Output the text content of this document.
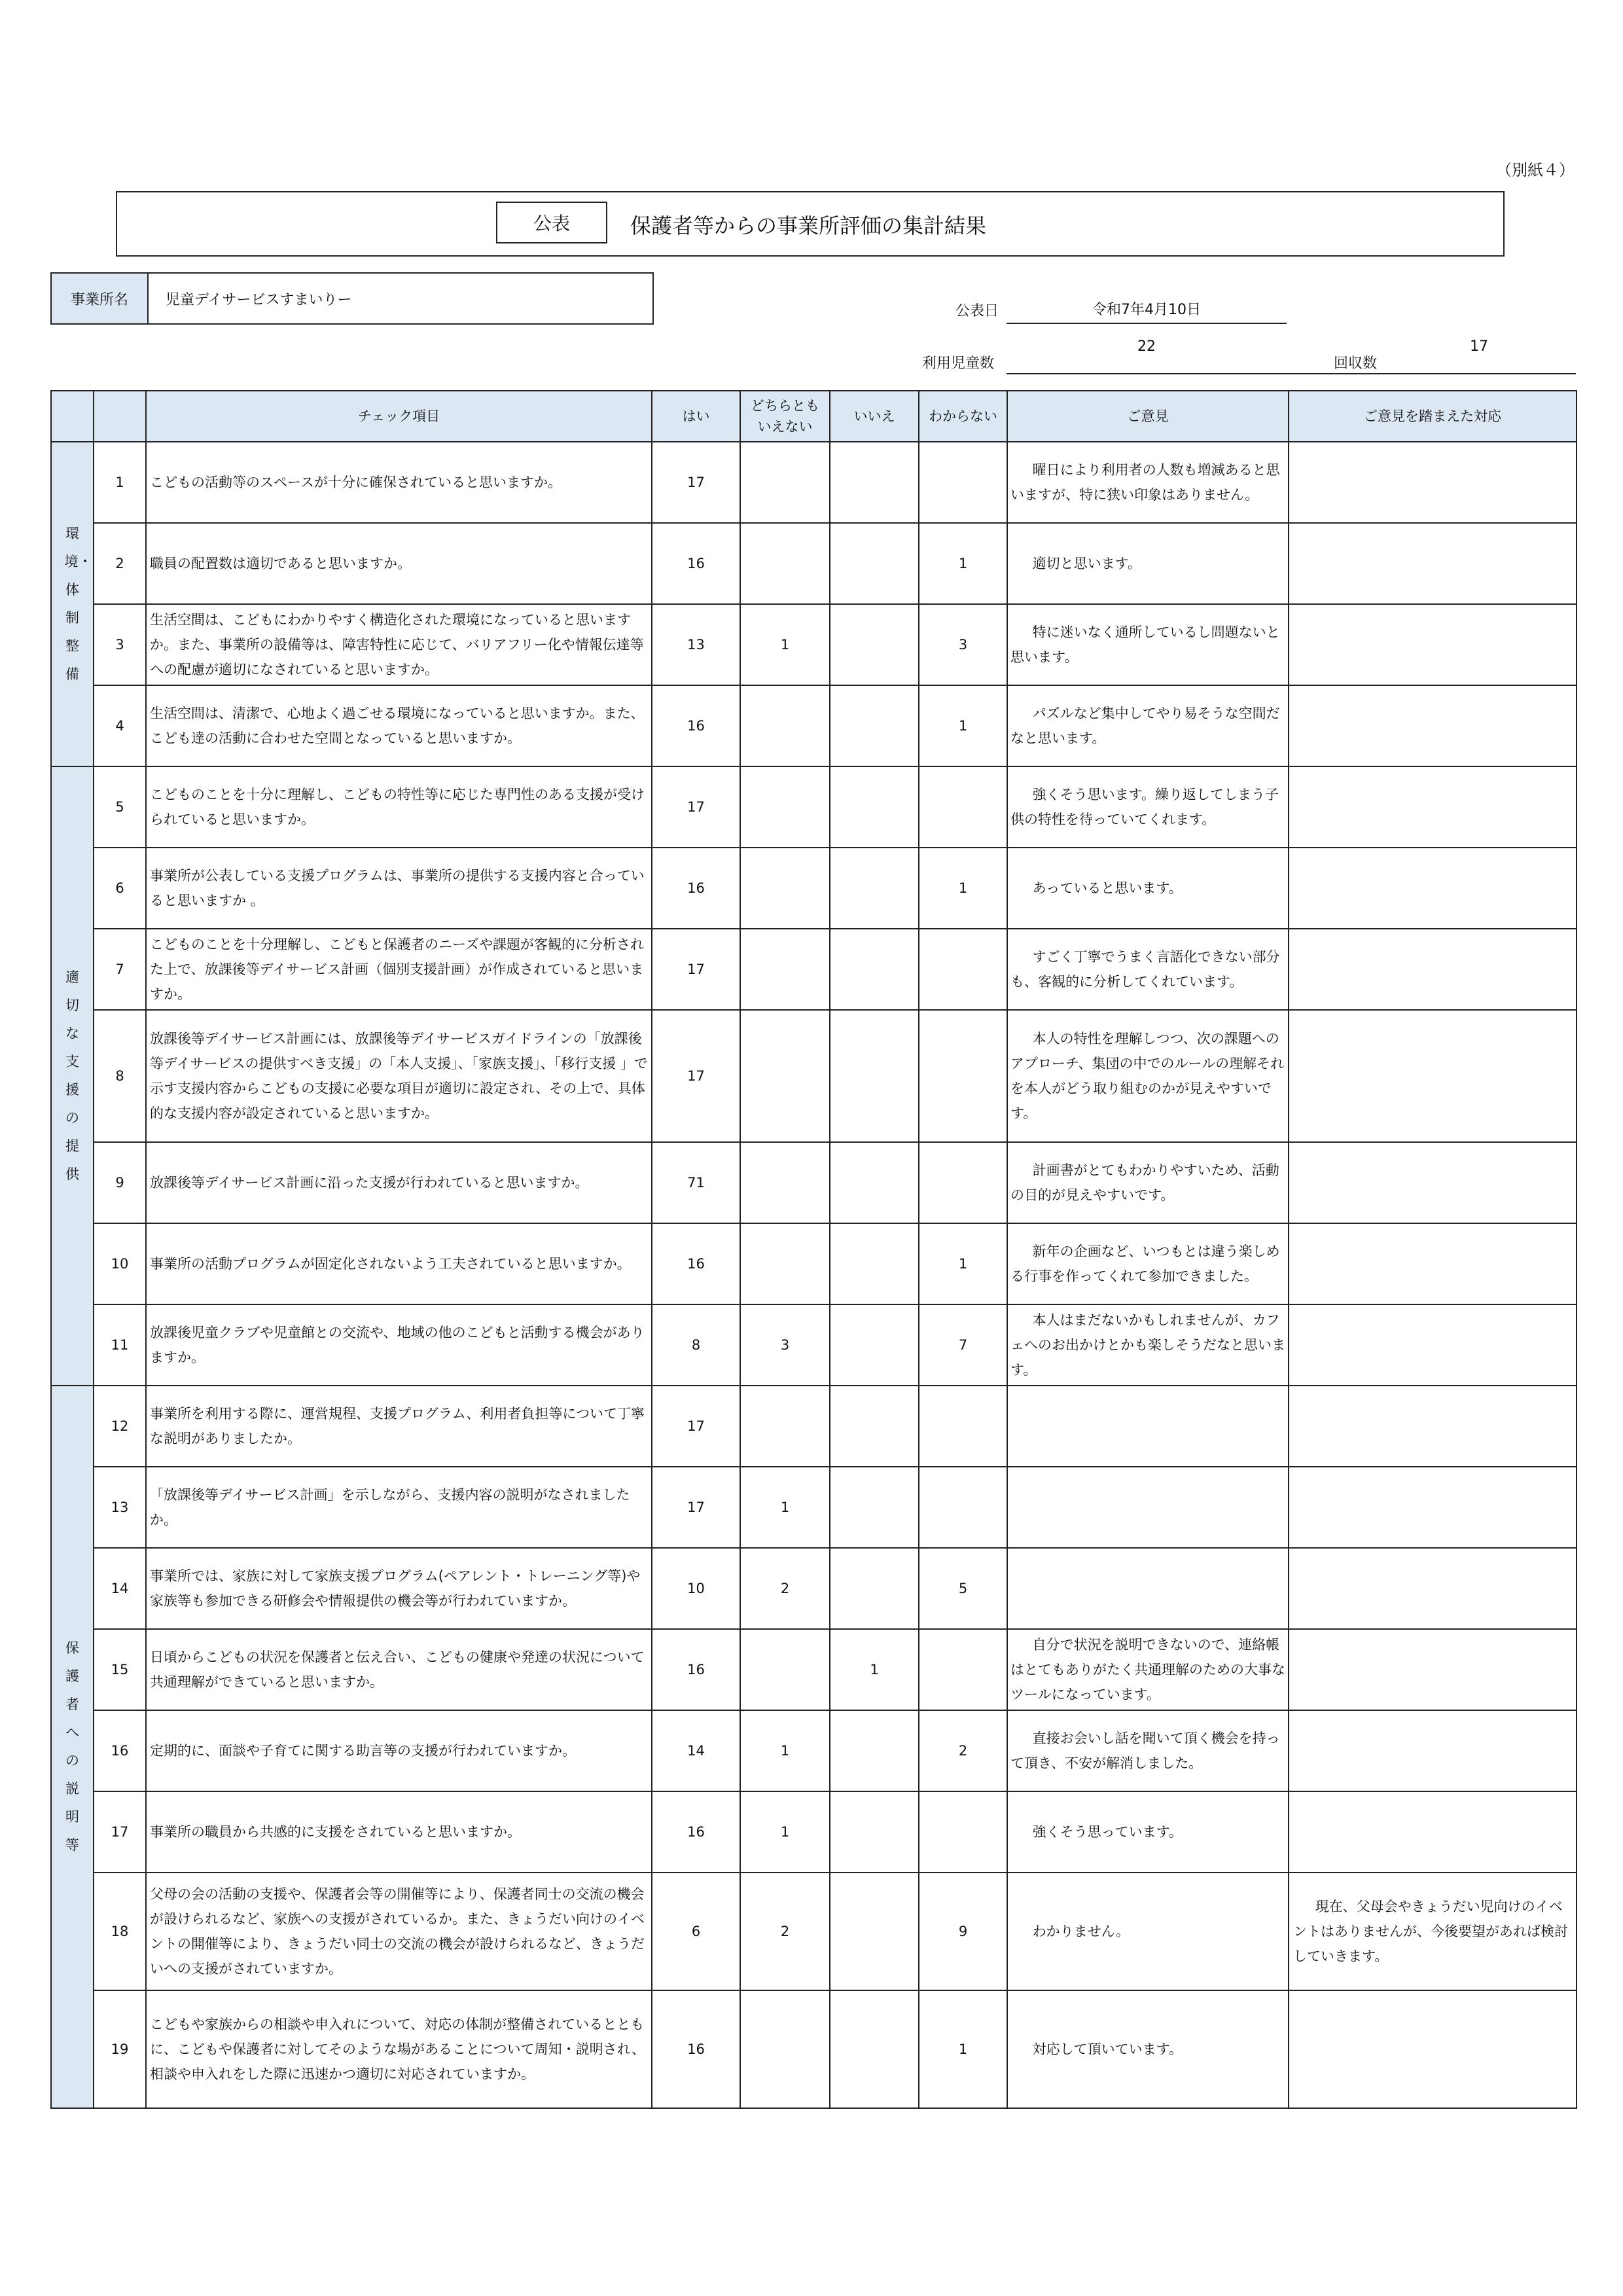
（別紙４）
公表	保護者等からの事業所評価の集計結果
事業所名	児童デイサービスすまいりー
公表日	令和7年4月10日
利用児童数
22
回収数
17
		チェック項目	はい	どちらとも
いえない	いいえ	わからない	ご意見	ご意見を踏まえた対応
環境・体制整備	1	こどもの活動等のスペースが十分に確保されていると思いますか。	17				曜日により利用者の人数も増減あると思いますが、特に狭い印象はありません。	

	2	職員の配置数は適切であると思いますか。	16			1	適切と思います。	

	3	生活空間は、こどもにわかりやすく構造化された環境になっていると思いますか。また、事業所の設備等は、障害特性に応じて、バリアフリー化や情報伝達等への配慮が適切になされていると思いますか。	13	1		3	特に迷いなく通所しているし問題ないと思います。	

	4	生活空間は、清潔で、心地よく過ごせる環境になっていると思いますか。また、こども達の活動に合わせた空間となっていると思いますか。	16			1	パズルなど集中してやり易そうな空間だなと思います。	

適切な支援の提供	5	こどものことを十分に理解し、こどもの特性等に応じた専門性のある支援が受けられていると思いますか。	17				強くそう思います。繰り返してしまう子供の特性を待っていてくれます。	

	6	事業所が公表している支援プログラムは、事業所の提供する支援内容と合っていると思いますか 。	16			1	あっていると思います。	

	7	こどものことを十分理解し、こどもと保護者のニーズや課題が客観的に分析された上で、放課後等デイサービス計画（個別支援計画）が作成されていると思いますか。	17				すごく丁寧でうまく言語化できない部分も、客観的に分析してくれています。	

	8	放課後等デイサービス計画には、放課後等デイサービスガイドラインの「放課後等デイサービスの提供すべき支援」の「本人支援」、「家族支援」、「移行支援 」で示す支援内容からこどもの支援に必要な項目が適切に設定され、その上で、具体的な支援内容が設定されていると思いますか。	17				本人の特性を理解しつつ、次の課題へのアプローチ、集団の中でのルールの理解それを本人がどう取り組むのかが見えやすいです。	

	9	放課後等デイサービス計画に沿った支援が行われていると思いますか。	71				計画書がとてもわかりやすいため、活動の目的が見えやすいです。	

	10	事業所の活動プログラムが固定化されないよう工夫されていると思いますか。	16			1	新年の企画など、いつもとは違う楽しめる行事を作ってくれて参加できました。	

	11	放課後児童クラブや児童館との交流や、地域の他のこどもと活動する機会がありますか。	8	3		7	本人はまだないかもしれませんが、カフェへのお出かけとかも楽しそうだなと思います。	

保護者への説明等	12	事業所を利用する際に、運営規程、支援プログラム、利用者負担等について丁寧な説明がありましたか。	17				

	13	「放課後等デイサービス計画」を示しながら、支援内容の説明がなされましたか。	17	1			

	14	事業所では、家族に対して家族支援プログラム(ペアレント・トレーニング等)や家族等も参加できる研修会や情報提供の機会等が行われていますか。	10	2		5	

	15	日頃からこどもの状況を保護者と伝え合い、こどもの健康や発達の状況について共通理解ができていると思いますか。	16		1		自分で状況を説明できないので、連絡帳はとてもありがたく共通理解のための大事なツールになっています。	

	16	定期的に、面談や子育てに関する助言等の支援が行われていますか。	14	1		2	直接お会いし話を聞いて頂く機会を持って頂き、不安が解消しました。	

	17	事業所の職員から共感的に支援をされていると思いますか。	16	1			強くそう思っています。	

	18	父母の会の活動の支援や、保護者会等の開催等により、保護者同士の交流の機会が設けられるなど、家族への支援がされているか。また、きょうだい向けのイベントの開催等により、きょうだい同士の交流の機会が設けられるなど、きょうだいへの支援がされていますか。	6	2		9	わかりません。	現在、父母会やきょうだい児向けのイベントはありませんが、今後要望があれば検討していきます。

	19	こどもや家族からの相談や申入れについて、対応の体制が整備されているとともに、こどもや保護者に対してそのような場があることについて周知・説明され、相談や申入れをした際に迅速かつ適切に対応されていますか。	16			1	対応して頂いています。	
